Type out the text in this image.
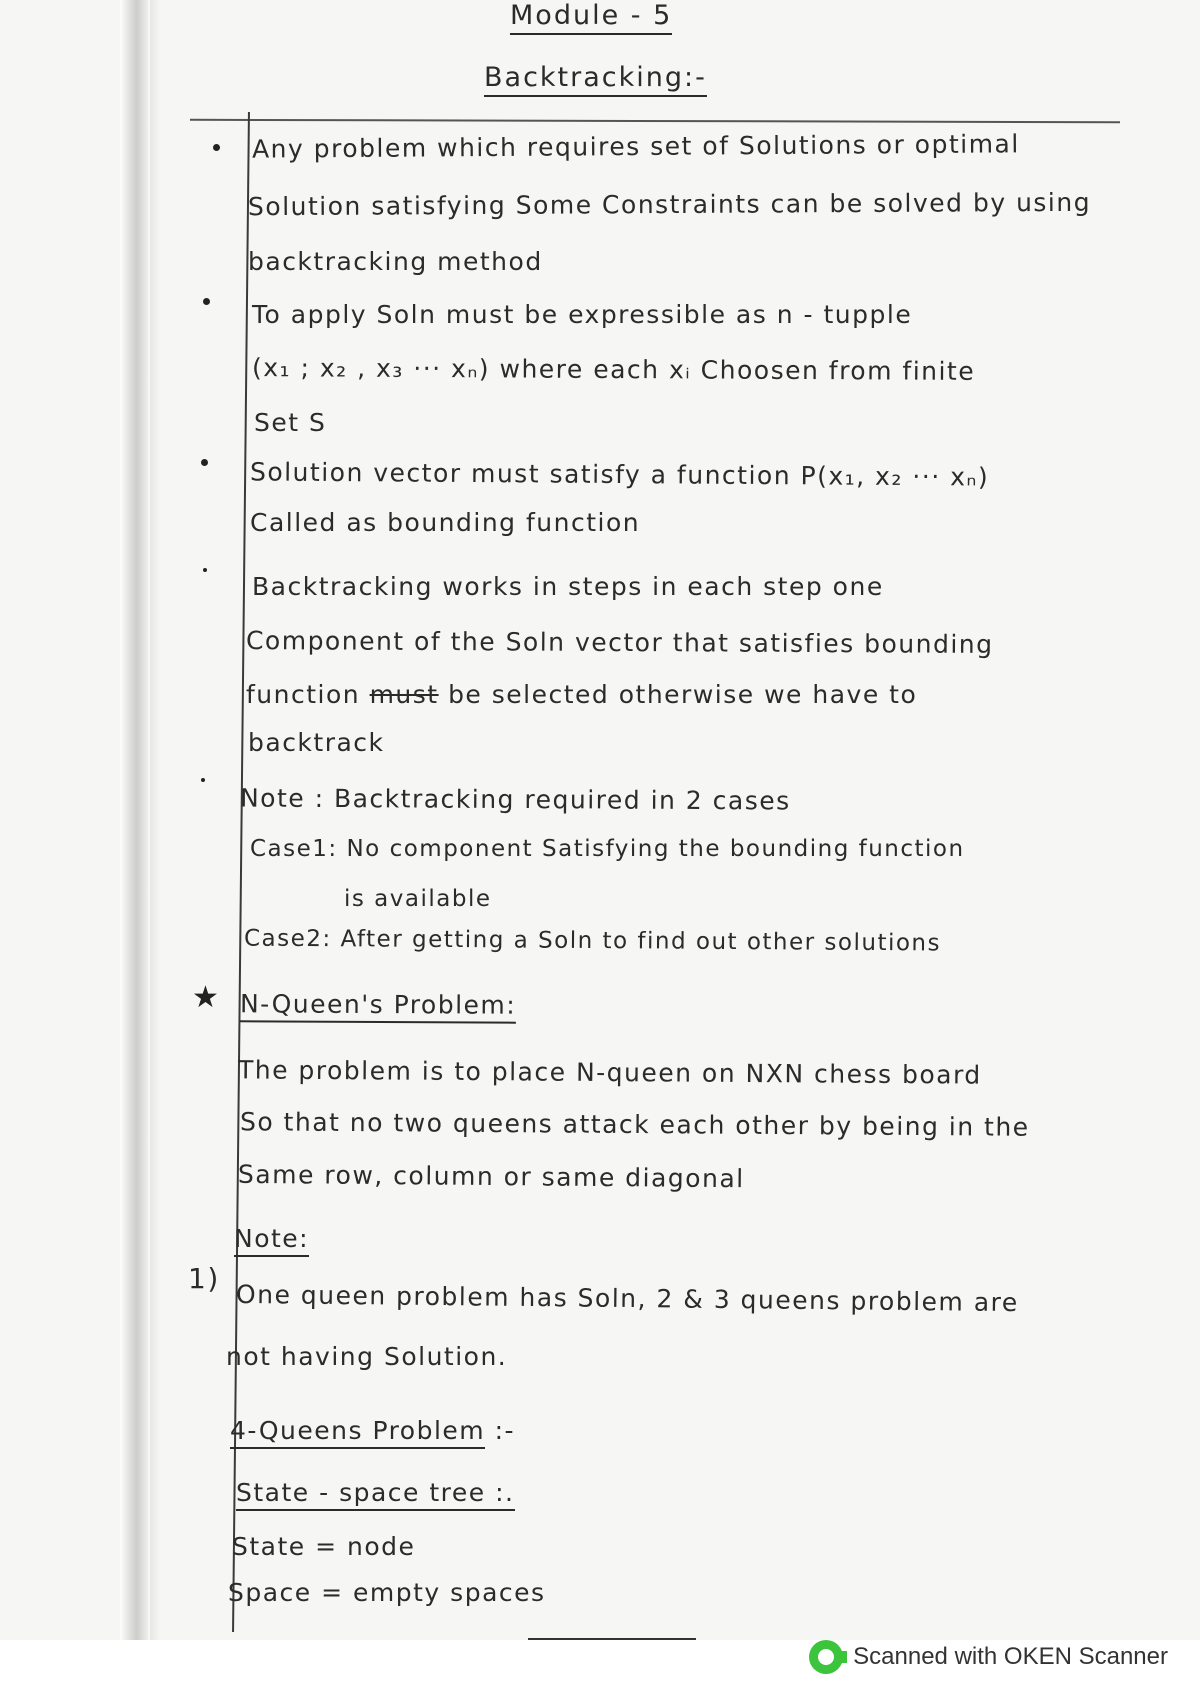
Module - 5
Backtracking:-
Any problem which requires set of Solutions or optimal
Solution satisfying Some Constraints can be solved by using
backtracking method
To apply Soln must be expressible as n - tupple
(x₁ ; x₂ , x₃ ··· xₙ) where each xᵢ Choosen from finite
Set S
Solution vector must satisfy a function P(x₁, x₂ ··· xₙ)
Called as bounding function
Backtracking works in steps in each step one
Component of the Soln vector that satisfies bounding
function must be selected otherwise we have to
backtrack
Note : Backtracking required in 2 cases
Case1: No component Satisfying the bounding function
is available
Case2: After getting a Soln to find out other solutions
★ N-Queen's Problem:
The problem is to place N-queen on NXN chess board
So that no two queens attack each other by being in the
Same row, column or same diagonal
Note:
1)
One queen problem has Soln, 2 & 3 queens problem are
not having Solution.
4-Queens Problem :-
State - space tree :.
State = node
Space = empty spaces
Scanned with OKEN Scanner
